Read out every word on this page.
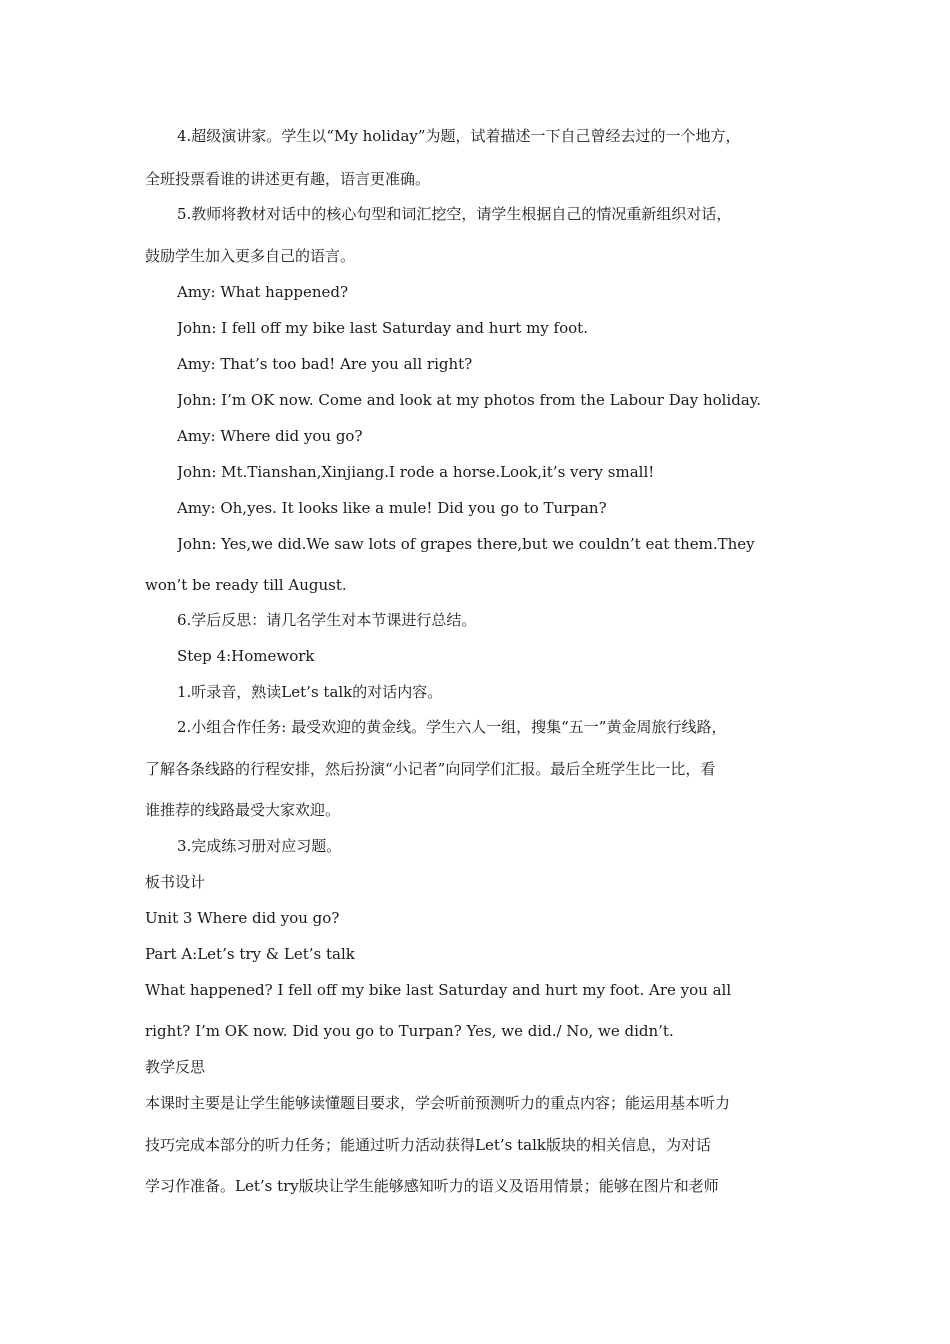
4.超级演讲家。学生以“My holiday”为题，试着描述一下自己曾经去过的一个地方，

全班投票看谁的讲述更有趣，语言更准确。

5.教师将教材对话中的核心句型和词汇挖空，请学生根据自己的情况重新组织对话，

鼓励学生加入更多自己的语言。

Amy: What happened?

John: I fell off my bike last Saturday and hurt my foot.

Amy: That’s too bad! Are you all right?

John: I’m OK now. Come and look at my photos from the Labour Day holiday.

Amy: Where did you go?

John: Mt.Tianshan,Xinjiang.I rode a horse.Look,it’s very small!

Amy: Oh,yes. It looks like a mule! Did you go to Turpan?

John: Yes,we did.We saw lots of grapes there,but we couldn’t eat them.They

won’t be ready till August.

6.学后反思：请几名学生对本节课进行总结。

Step 4:Homework

1.听录音，熟读Let’s talk的对话内容。

2.小组合作任务: 最受欢迎的黄金线。学生六人一组，搜集“五一”黄金周旅行线路，

了解各条线路的行程安排，然后扮演“小记者”向同学们汇报。最后全班学生比一比，看

谁推荐的线路最受大家欢迎。

3.完成练习册对应习题。

板书设计

Unit 3 Where did you go?

Part A:Let’s try & Let’s talk

What happened? I fell off my bike last Saturday and hurt my foot. Are you all

right? I’m OK now. Did you go to Turpan? Yes, we did./ No, we didn’t.

教学反思

本课时主要是让学生能够读懂题目要求，学会听前预测听力的重点内容；能运用基本听力

技巧完成本部分的听力任务；能通过听力活动获得Let’s talk版块的相关信息，为对话

学习作准备。Let’s try版块让学生能够感知听力的语义及语用情景；能够在图片和老师
